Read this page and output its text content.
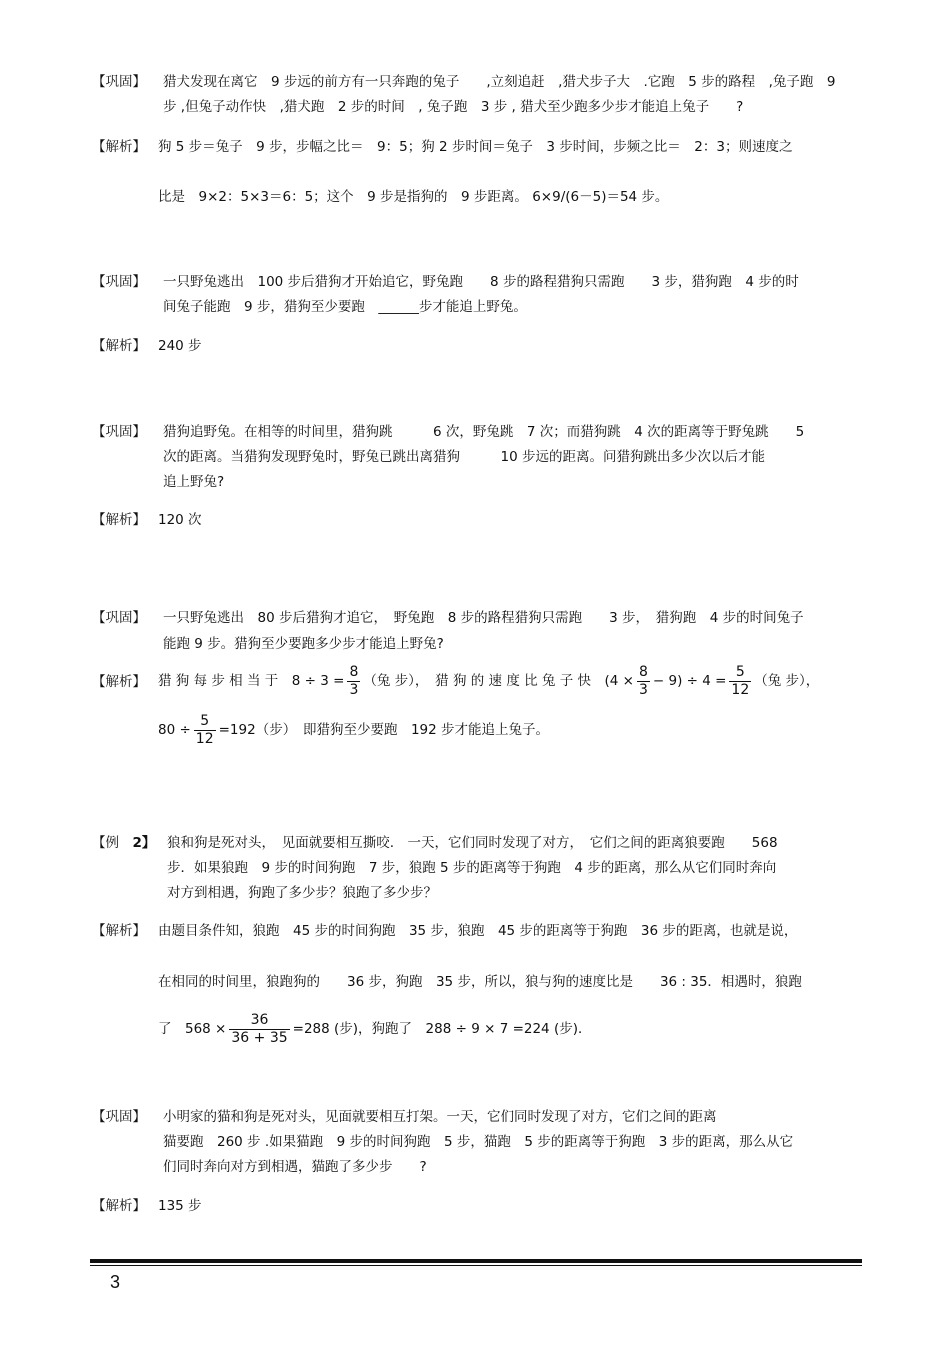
【巩固】 猎犬发现在离它　9 步远的前方有一只奔跑的兔子　　,立刻追赶　,猎犬步子大　.它跑　5 步的路程　,兔子跑　9
步 ,但兔子动作快　,猎犬跑　2 步的时间　, 兔子跑　3 步 , 猎犬至少跑多少步才能追上兔子　　?
【解析】 狗 5 步＝兔子　9 步，步幅之比＝　9：5；狗 2 步时间＝兔子　3 步时间，步频之比＝　2：3；则速度之
比是　9×2：5×3＝6：5；这个　9 步是指狗的　9 步距离。 6×9/(6－5)＝54 步。
【巩固】 一只野兔逃出　100 步后猎狗才开始追它，野兔跑　　8 步的路程猎狗只需跑　　3 步，猎狗跑　4 步的时
间兔子能跑　9 步，猎狗至少要跑　______步才能追上野兔。
【解析】 240 步
【巩固】 猎狗追野兔。在相等的时间里，猎狗跳　　　6 次，野兔跳　7 次；而猎狗跳　4 次的距离等于野兔跳　　5
次的距离。当猎狗发现野兔时，野兔已跳出离猎狗　　　10 步远的距离。问猎狗跳出多少次以后才能
追上野兔?
【解析】 120 次
【巩固】 一只野兔逃出　80 步后猎狗才追它，　野兔跑　8 步的路程猎狗只需跑　　3 步，　猎狗跑　4 步的时间兔子
能跑 9 步。猎狗至少要跑多少步才能追上野兔?
【解析】 猎 狗 每 步 相 当 于　$8 \div 3 = \frac{8}{3}$ （兔 步），　猎 狗 的 速 度 比 兔 子 快　$(4 \times \frac{8}{3} - 9) \div 4 = \frac{5}{12}$ （兔 步），
$80 \div \frac{5}{12} =192$（步）　即猎狗至少要跑　192 步才能追上兔子。
【例　 2】 狼和狗是死对头，　见面就要相互撕咬.　一天，它们同时发现了对方，　它们之间的距离狼要跑　　568
步．如果狼跑　9 步的时间狗跑　7 步，狼跑 5 步的距离等于狗跑　4 步的距离，那么从它们同时奔向
对方到相遇，狗跑了多少步？狼跑了多少步？
【解析】 由题目条件知，狼跑　45 步的时间狗跑　35 步，狼跑　45 步的距离等于狗跑　36 步的距离，也就是说，
在相同的时间里，狼跑狗的　　36 步，狗跑　35 步，所以，狼与狗的速度比是　　36 : 35．相遇时，狼跑
了　$568 \times \frac{36}{36 + 35} =288$ (步)，狗跑了　288 ÷ 9 × 7 =224 (步)．
【巩固】 小明家的猫和狗是死对头，见面就要相互打架。一天，它们同时发现了对方，它们之间的距离
猫要跑　260 步 .如果猫跑　9 步的时间狗跑　5 步，猫跑　5 步的距离等于狗跑　3 步的距离，那么从它
们同时奔向对方到相遇，猫跑了多少步　　?
【解析】 135 步
3
